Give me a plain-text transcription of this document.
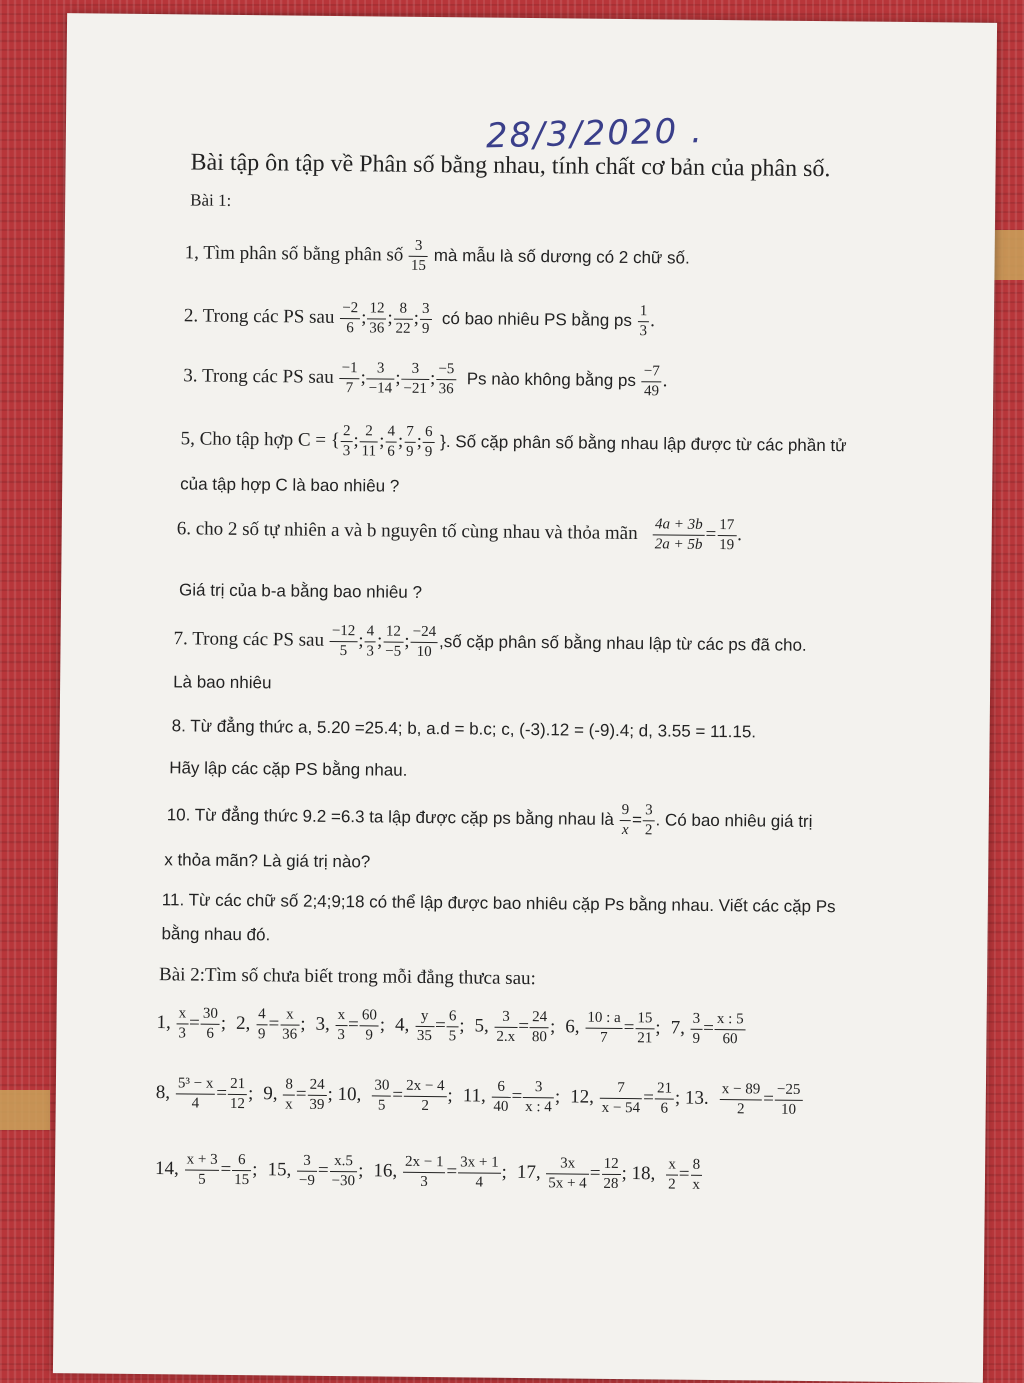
28/3/2020 .
Bài tập ôn tập về Phân số bằng nhau, tính chất cơ bản của phân số.
Bài 1:
1, Tìm phân số bằng phân số $\frac{3}{15}$ mà mẫu là số dương có 2 chữ số.
2. Trong các PS sau $\frac{-2}{6}$ ; $\frac{12}{36}$ ; $\frac{8}{22}$ ; $\frac{3}{9}$ có bao nhiêu PS bằng ps $\frac{1}{3}$ .
3. Trong các PS sau $\frac{-1}{7}$ ; $\frac{3}{-14}$ ; $\frac{3}{-21}$ ; $\frac{-5}{36}$ Ps nào không bằng ps $\frac{-7}{49}$ .
5, Cho tập hợp C = { $\frac{2}{3}$ ; $\frac{2}{11}$ ; $\frac{4}{6}$ ; $\frac{7}{9}$ ; $\frac{6}{9}$ }. Số cặp phân số bằng nhau lập được từ các phần tử
của tập hợp C là bao nhiêu ?
6. cho 2 số tự nhiên a và b nguyên tố cùng nhau và thỏa mãn $\frac{4a + 3b}{2a + 5b} = \frac{17}{19}$ .
Giá trị của b-a bằng bao nhiêu ?
7. Trong các PS sau $\frac{-12}{5}$ ; $\frac{4}{3}$ ; $\frac{12}{-5}$ ; $\frac{-24}{10}$ ,số cặp phân số bằng nhau lập từ các ps đã cho.
Là bao nhiêu
8. Từ đẳng thức a, 5.20 =25.4; b, a.d = b.c; c, (-3).12 = (-9).4; d, 3.55 = 11.15.
Hãy lập các cặp PS bằng nhau.
10. Từ đẳng thức 9.2 =6.3 ta lập được cặp ps bằng nhau là $\frac{9}{x} = \frac{3}{2}$ . Có bao nhiêu giá trị
x thỏa mãn? Là giá trị nào?
11. Từ các chữ số 2;4;9;18 có thể lập được bao nhiêu cặp Ps bằng nhau. Viết các cặp Ps
bằng nhau đó.
Bài 2:Tìm số chưa biết trong mỗi đẳng thưca sau:
1, $\frac{x}{3} = \frac{30}{6}$ ; 2, $\frac{4}{9} = \frac{x}{36}$ ; 3, $\frac{x}{3} = \frac{60}{9}$ ; 4, $\frac{y}{35} = \frac{6}{5}$ ; 5, $\frac{3}{2.x} = \frac{24}{80}$ ; 6, $\frac{10 : a}{7} = \frac{15}{21}$ ; 7, $\frac{3}{9} = \frac{x : 5}{60}$
8, $\frac{\text{5³ − x}}{4} = \frac{21}{12}$ ; 9, $\frac{8}{x} = \frac{24}{39}$ ; 10, $\frac{30}{5} = \frac{2x - 4}{2}$ ; 11, $\frac{6}{40} = \frac{3}{x : 4}$ ; 12, $\frac{7}{x - 54} = \frac{21}{6}$ ; 13. $\frac{x - 89}{2} = \frac{-25}{10}$
14, $\frac{x + 3}{5} = \frac{6}{15}$ ; 15, $\frac{3}{-9} = \frac{x.5}{-30}$ ; 16, $\frac{2x - 1}{3} = \frac{3x + 1}{4}$ ; 17, $\frac{3x}{5x + 4} = \frac{12}{28}$ ; 18, $\frac{x}{2} = \frac{8}{x}$
